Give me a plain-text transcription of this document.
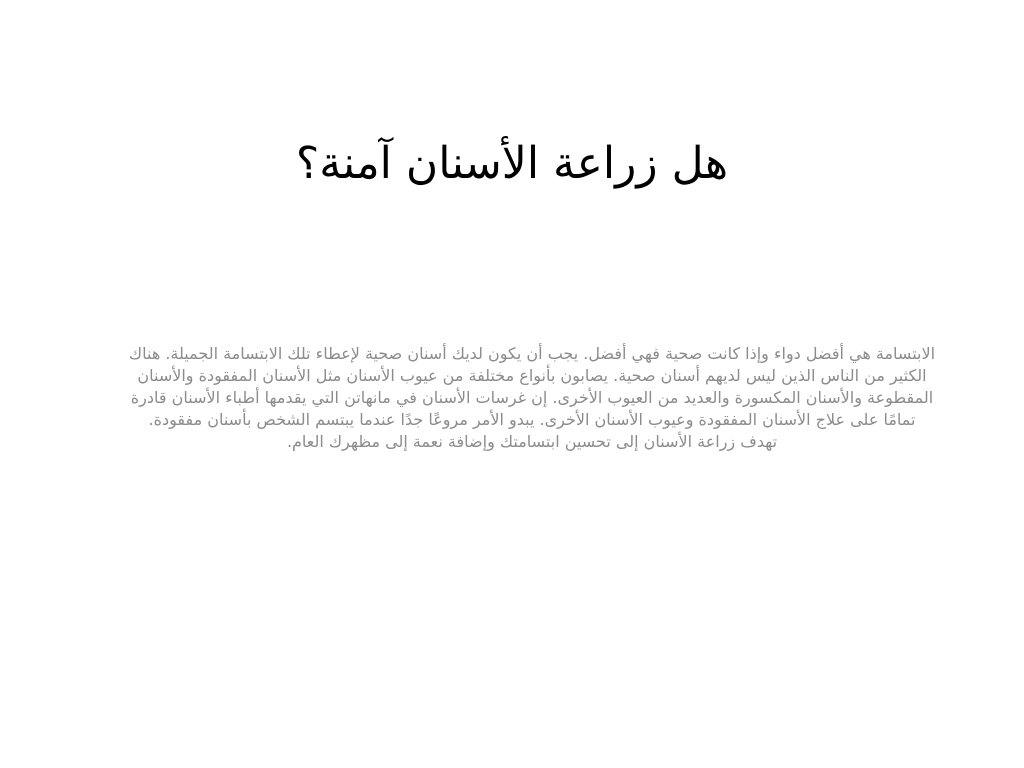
هل زراعة الأسنان آمنة؟
الابتسامة هي أفضل دواء وإذا كانت صحية فهي أفضل. يجب أن يكون لديك أسنان صحية لإعطاء تلك الابتسامة الجميلة. هناك الكثير من الناس الذين ليس لديهم أسنان صحية. يصابون بأنواع مختلفة من عيوب الأسنان مثل الأسنان المفقودة والأسنان المقطوعة والأسنان المكسورة والعديد من العيوب الأخرى. إن غرسات الأسنان في مانهاتن التي يقدمها أطباء الأسنان قادرة تمامًا على علاج الأسنان المفقودة وعيوب الأسنان الأخرى. يبدو الأمر مروعًا جدًا عندما يبتسم الشخص بأسنان مفقودة. تهدف زراعة الأسنان إلى تحسين ابتسامتك وإضافة نعمة إلى مظهرك العام.
